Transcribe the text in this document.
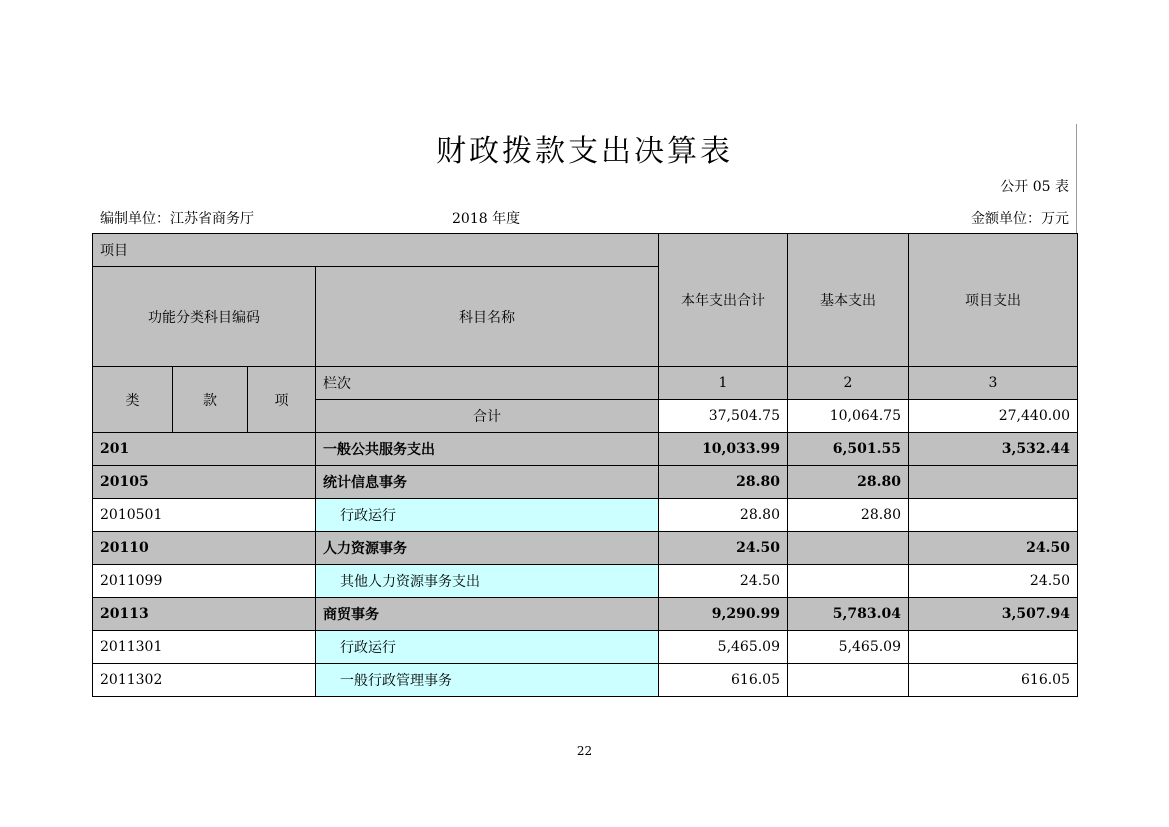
财政拨款支出决算表
公开 05 表
编制单位：江苏省商务厅	2018 年度	金额单位：万元
项目				本年支出合计	基本支出	项目支出
功能分类科目编码			科目名称			
类	款	项	栏次	1	2	3
			合计	37,504.75	10,064.75	27,440.00
201			一般公共服务支出	10,033.99	6,501.55	3,532.44
20105			统计信息事务	28.80	28.80	
2010501			行政运行	28.80	28.80	
20110			人力资源事务	24.50		24.50
2011099			其他人力资源事务支出	24.50		24.50
20113			商贸事务	9,290.99	5,783.04	3,507.94
2011301			行政运行	5,465.09	5,465.09	
2011302			一般行政管理事务	616.05		616.05
22
